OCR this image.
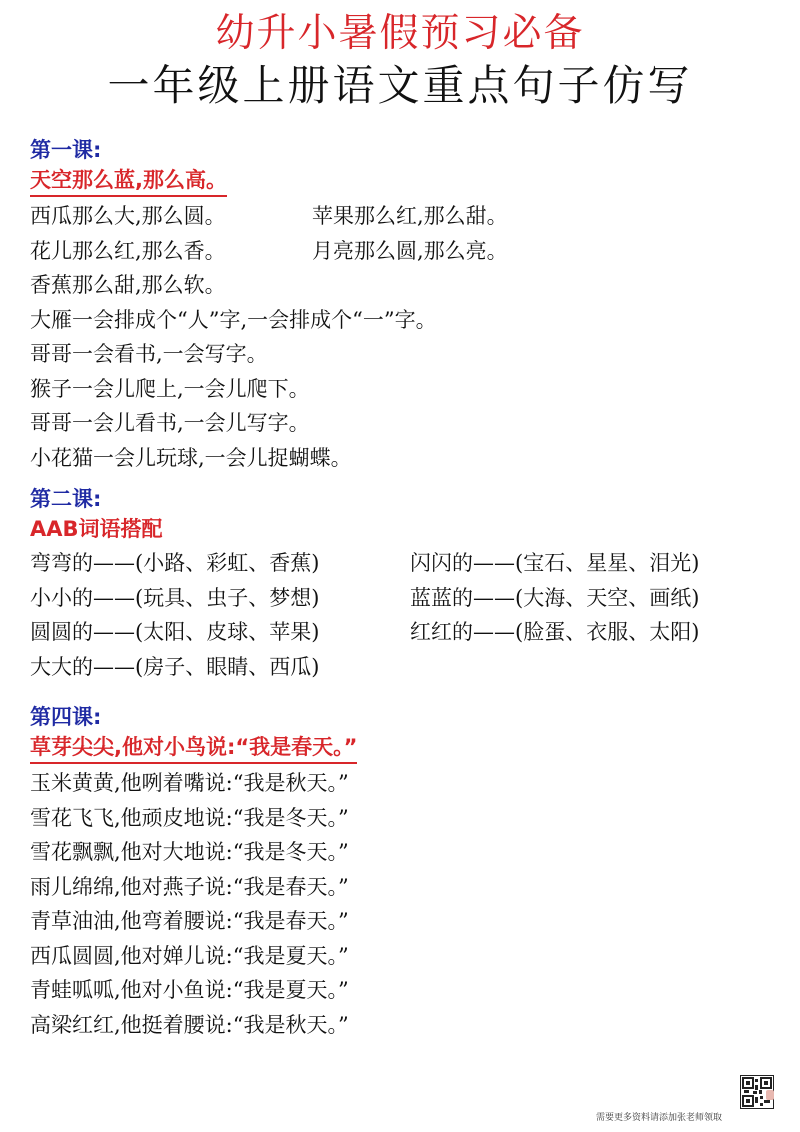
幼升小暑假预习必备
一年级上册语文重点句子仿写
第一课:
天空那么蓝,那么高。
西瓜那么大,那么圆。	苹果那么红,那么甜。
花儿那么红,那么香。	月亮那么圆,那么亮。
香蕉那么甜,那么软。
大雁一会排成个“人”字,一会排成个“一”字。
哥哥一会看书,一会写字。
猴子一会儿爬上,一会儿爬下。
哥哥一会儿看书,一会儿写字。
小花猫一会儿玩球,一会儿捉蝴蝶。
第二课:
AAB词语搭配
弯弯的——(小路、彩虹、香蕉)	闪闪的——(宝石、星星、泪光)
小小的——(玩具、虫子、梦想)	蓝蓝的——(大海、天空、画纸)
圆圆的——(太阳、皮球、苹果)	红红的——(脸蛋、衣服、太阳)
大大的——(房子、眼睛、西瓜)
第四课:
草芽尖尖,他对小鸟说:“我是春天。”
玉米黄黄,他咧着嘴说:“我是秋天。”
雪花飞飞,他顽皮地说:“我是冬天。”
雪花飘飘,他对大地说:“我是冬天。”
雨儿绵绵,他对燕子说:“我是春天。”
青草油油,他弯着腰说:“我是春天。”
西瓜圆圆,他对婵儿说:“我是夏天。”
青蛙呱呱,他对小鱼说:“我是夏天。”
高梁红红,他挺着腰说:“我是秋天。”
需要更多资料请添加张老师领取
